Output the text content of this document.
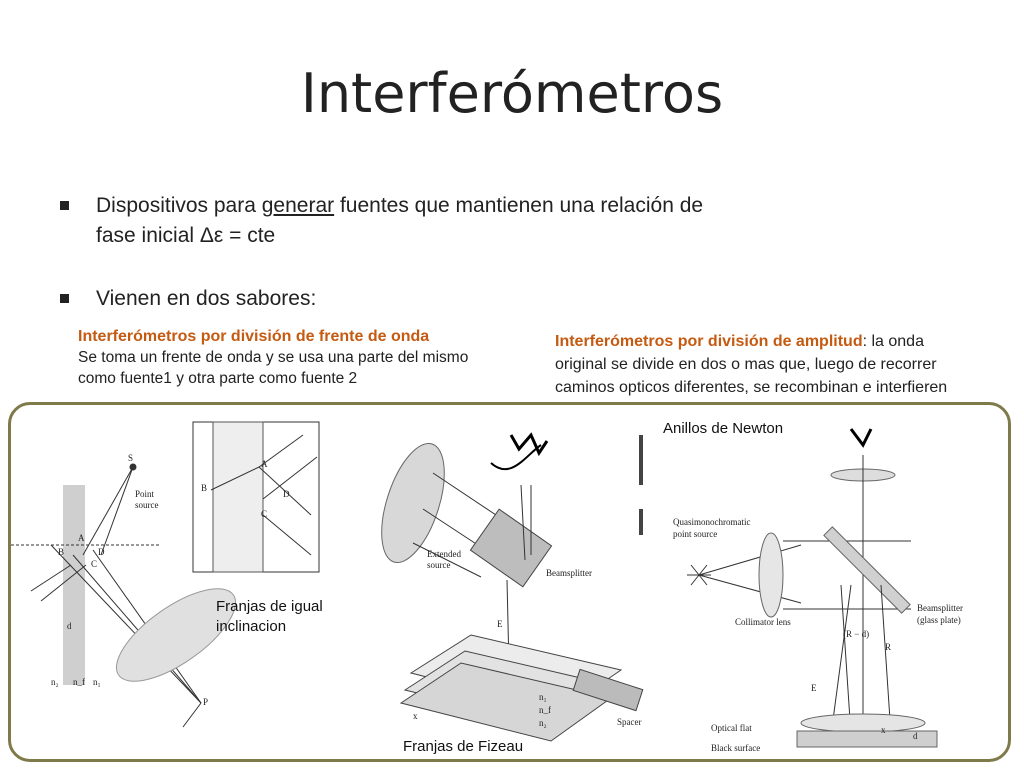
Interferómetros
Dispositivos para generar fuentes que mantienen una relación de
fase inicial Δε = cte
Vienen en dos sabores:
Interferómetros por división de frente de onda
Se toma un frente de onda y se usa una parte del mismo
como fuente1 y otra parte como fuente 2
Interferómetros por división de amplitud: la onda
original se divide en dos o mas que, luego de recorrer
caminos opticos diferentes, se recombinan e interfieren
S
Point
source
B
A
D
C
P
d
n₂ n_f n₁
B
A
D
C
Extended
source
Beamsplitter
Spacer
E
n₁
n_f
n₂
x
Quasimonochromatic
point source
Collimator lens
Beamsplitter
(glass plate)
(R − d)
R
E
Optical flat
Black surface
x
d
Franjas de igual
inclinacion
Franjas de Fizeau
Anillos de Newton
